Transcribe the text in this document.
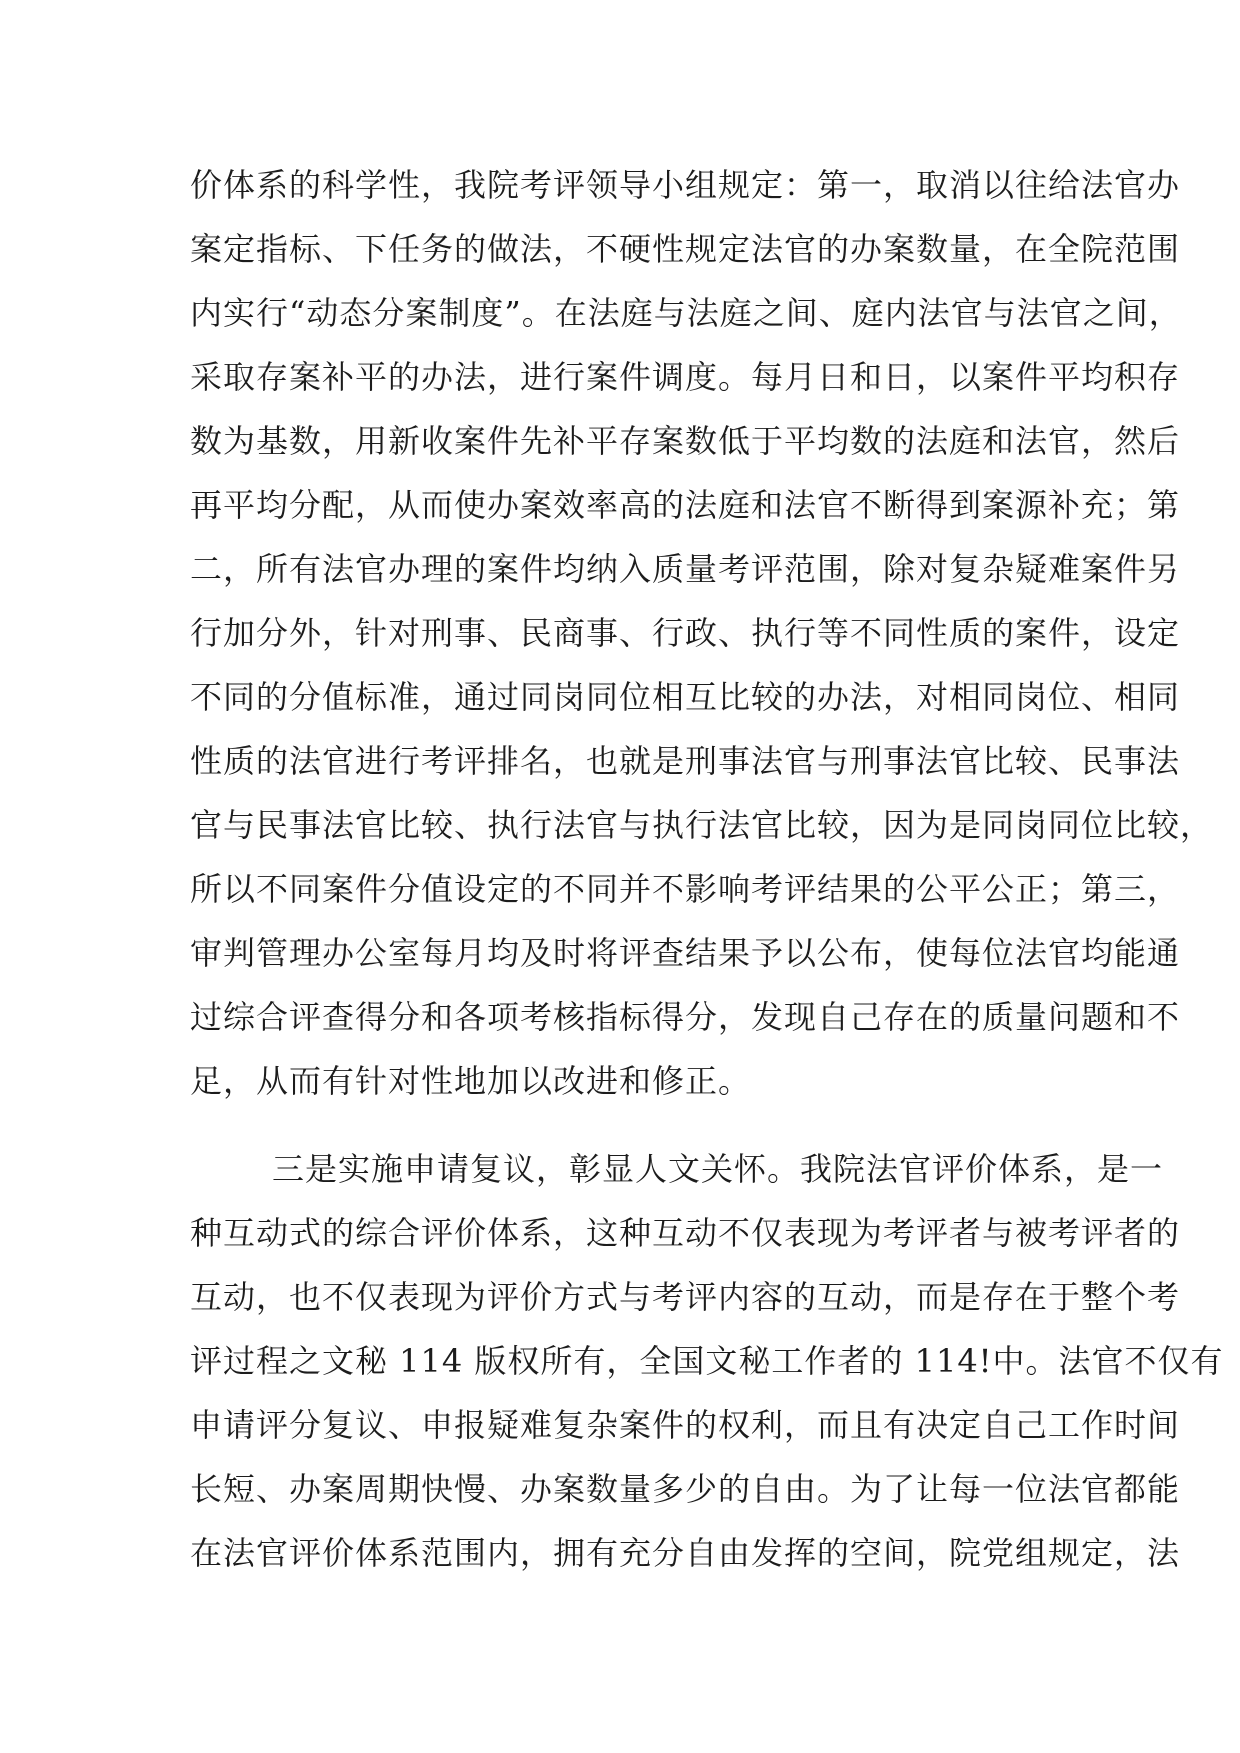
价体系的科学性，我院考评领导小组规定：第一，取消以往给法官办
案定指标、下任务的做法，不硬性规定法官的办案数量，在全院范围
内实行“动态分案制度”。在法庭与法庭之间、庭内法官与法官之间，
采取存案补平的办法，进行案件调度。每月日和日，以案件平均积存
数为基数，用新收案件先补平存案数低于平均数的法庭和法官，然后
再平均分配，从而使办案效率高的法庭和法官不断得到案源补充；第
二，所有法官办理的案件均纳入质量考评范围，除对复杂疑难案件另
行加分外，针对刑事、民商事、行政、执行等不同性质的案件，设定
不同的分值标准，通过同岗同位相互比较的办法，对相同岗位、相同
性质的法官进行考评排名，也就是刑事法官与刑事法官比较、民事法
官与民事法官比较、执行法官与执行法官比较，因为是同岗同位比较，
所以不同案件分值设定的不同并不影响考评结果的公平公正；第三，
审判管理办公室每月均及时将评查结果予以公布，使每位法官均能通
过综合评查得分和各项考核指标得分，发现自己存在的质量问题和不
足，从而有针对性地加以改进和修正。
三是实施申请复议，彰显人文关怀。我院法官评价体系，是一
种互动式的综合评价体系，这种互动不仅表现为考评者与被考评者的
互动，也不仅表现为评价方式与考评内容的互动，而是存在于整个考
评过程之文秘 114 版权所有，全国文秘工作者的 114!中。法官不仅有
申请评分复议、申报疑难复杂案件的权利，而且有决定自己工作时间
长短、办案周期快慢、办案数量多少的自由。为了让每一位法官都能
在法官评价体系范围内，拥有充分自由发挥的空间，院党组规定，法
